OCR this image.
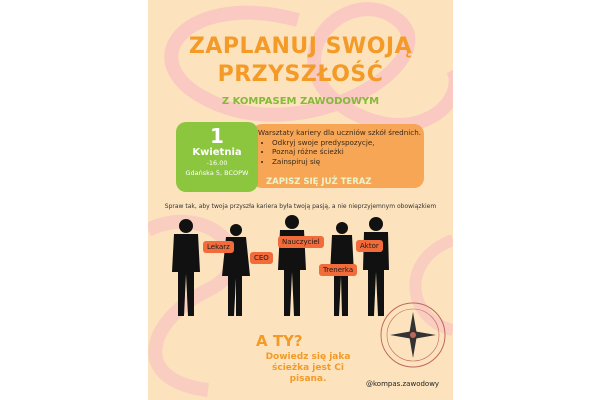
ZAPLANUJ SWOJĄ
PRZYSZŁOŚĆ
Z KOMPASEM ZAWODOWYM
Warsztaty kariery dla uczniów szkół średnich.
• Odkryj swoje predyspozycje,
• Poznaj różne ścieżki
• Zainspiruj się
ZAPISZ SIĘ JUŻ TERAZ
1
Kwietnia
-16.00
Gdańska 5, BCOPW
Spraw tak, aby twoja przyszła kariera była twoją pasją, a nie nieprzyjemnym obowiązkiem
Lekarz
CEO
Nauczyciel
Trenerka
Aktor
A TY?
Dowiedz się jaka
ścieżka jest Ci pisana.	@kompas.zawodowy
